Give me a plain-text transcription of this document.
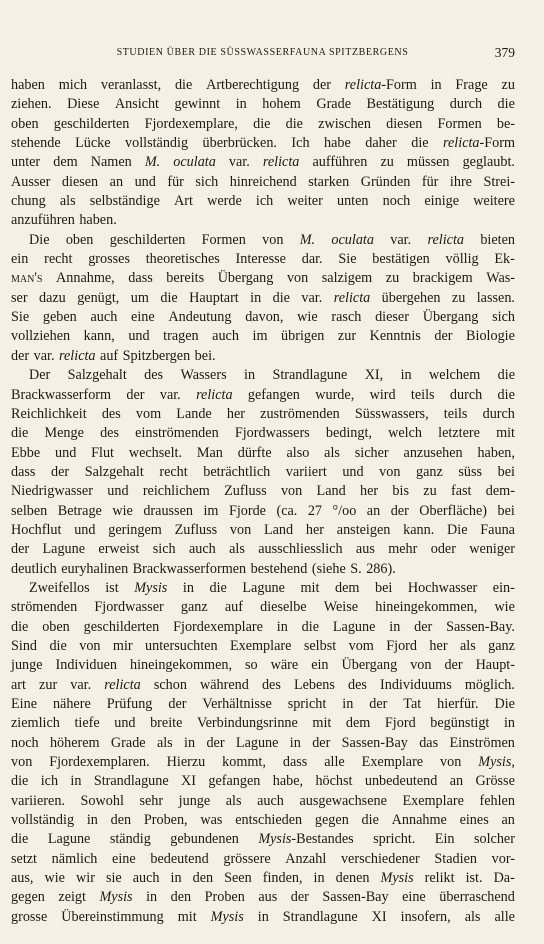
STUDIEN ÜBER DIE SÜSSWASSERFAUNA SPITZBERGENS	379
haben mich veranlasst, die Artberechtigung der relicta-Form in Frage zu
ziehen. Diese Ansicht gewinnt in hohem Grade Bestätigung durch die
oben geschilderten Fjordexemplare, die die zwischen diesen Formen be-
stehende Lücke vollständig überbrücken. Ich habe daher die relicta-Form
unter dem Namen M. oculata var. relicta aufführen zu müssen geglaubt.
Ausser diesen an und für sich hinreichend starken Gründen für ihre Strei-
chung als selbständige Art werde ich weiter unten noch einige weitere
anzuführen haben.
Die oben geschilderten Formen von M. oculata var. relicta bieten
ein recht grosses theoretisches Interesse dar. Sie bestätigen völlig Ek-
man's Annahme, dass bereits Übergang von salzigem zu brackigem Was-
ser dazu genügt, um die Hauptart in die var. relicta übergehen zu lassen.
Sie geben auch eine Andeutung davon, wie rasch dieser Übergang sich
vollziehen kann, und tragen auch im übrigen zur Kenntnis der Biologie
der var. relicta auf Spitzbergen bei.
Der Salzgehalt des Wassers in Strandlagune XI, in welchem die
Brackwasserform der var. relicta gefangen wurde, wird teils durch die
Reichlichkeit des vom Lande her zuströmenden Süsswassers, teils durch
die Menge des einströmenden Fjordwassers bedingt, welch letztere mit
Ebbe und Flut wechselt. Man dürfte also als sicher anzusehen haben,
dass der Salzgehalt recht beträchtlich variiert und von ganz süss bei
Niedrigwasser und reichlichem Zufluss von Land her bis zu fast dem-
selben Betrage wie draussen im Fjorde (ca. 27 °/oo an der Oberfläche) bei
Hochflut und geringem Zufluss von Land her ansteigen kann. Die Fauna
der Lagune erweist sich auch als ausschliesslich aus mehr oder weniger
deutlich euryhalinen Brackwasserformen bestehend (siehe S. 286).
Zweifellos ist Mysis in die Lagune mit dem bei Hochwasser ein-
strömenden Fjordwasser ganz auf dieselbe Weise hineingekommen, wie
die oben geschilderten Fjordexemplare in die Lagune in der Sassen-Bay.
Sind die von mir untersuchten Exemplare selbst vom Fjord her als ganz
junge Individuen hineingekommen, so wäre ein Übergang von der Haupt-
art zur var. relicta schon während des Lebens des Individuums möglich.
Eine nähere Prüfung der Verhältnisse spricht in der Tat hierfür. Die
ziemlich tiefe und breite Verbindungsrinne mit dem Fjord begünstigt in
noch höherem Grade als in der Lagune in der Sassen-Bay das Einströmen
von Fjordexemplaren. Hierzu kommt, dass alle Exemplare von Mysis,
die ich in Strandlagune XI gefangen habe, höchst unbedeutend an Grösse
variieren. Sowohl sehr junge als auch ausgewachsene Exemplare fehlen
vollständig in den Proben, was entschieden gegen die Annahme eines an
die Lagune ständig gebundenen Mysis-Bestandes spricht. Ein solcher
setzt nämlich eine bedeutend grössere Anzahl verschiedener Stadien vor-
aus, wie wir sie auch in den Seen finden, in denen Mysis relikt ist. Da-
gegen zeigt Mysis in den Proben aus der Sassen-Bay eine überraschend
grosse Übereinstimmung mit Mysis in Strandlagune XI insofern, als alle
